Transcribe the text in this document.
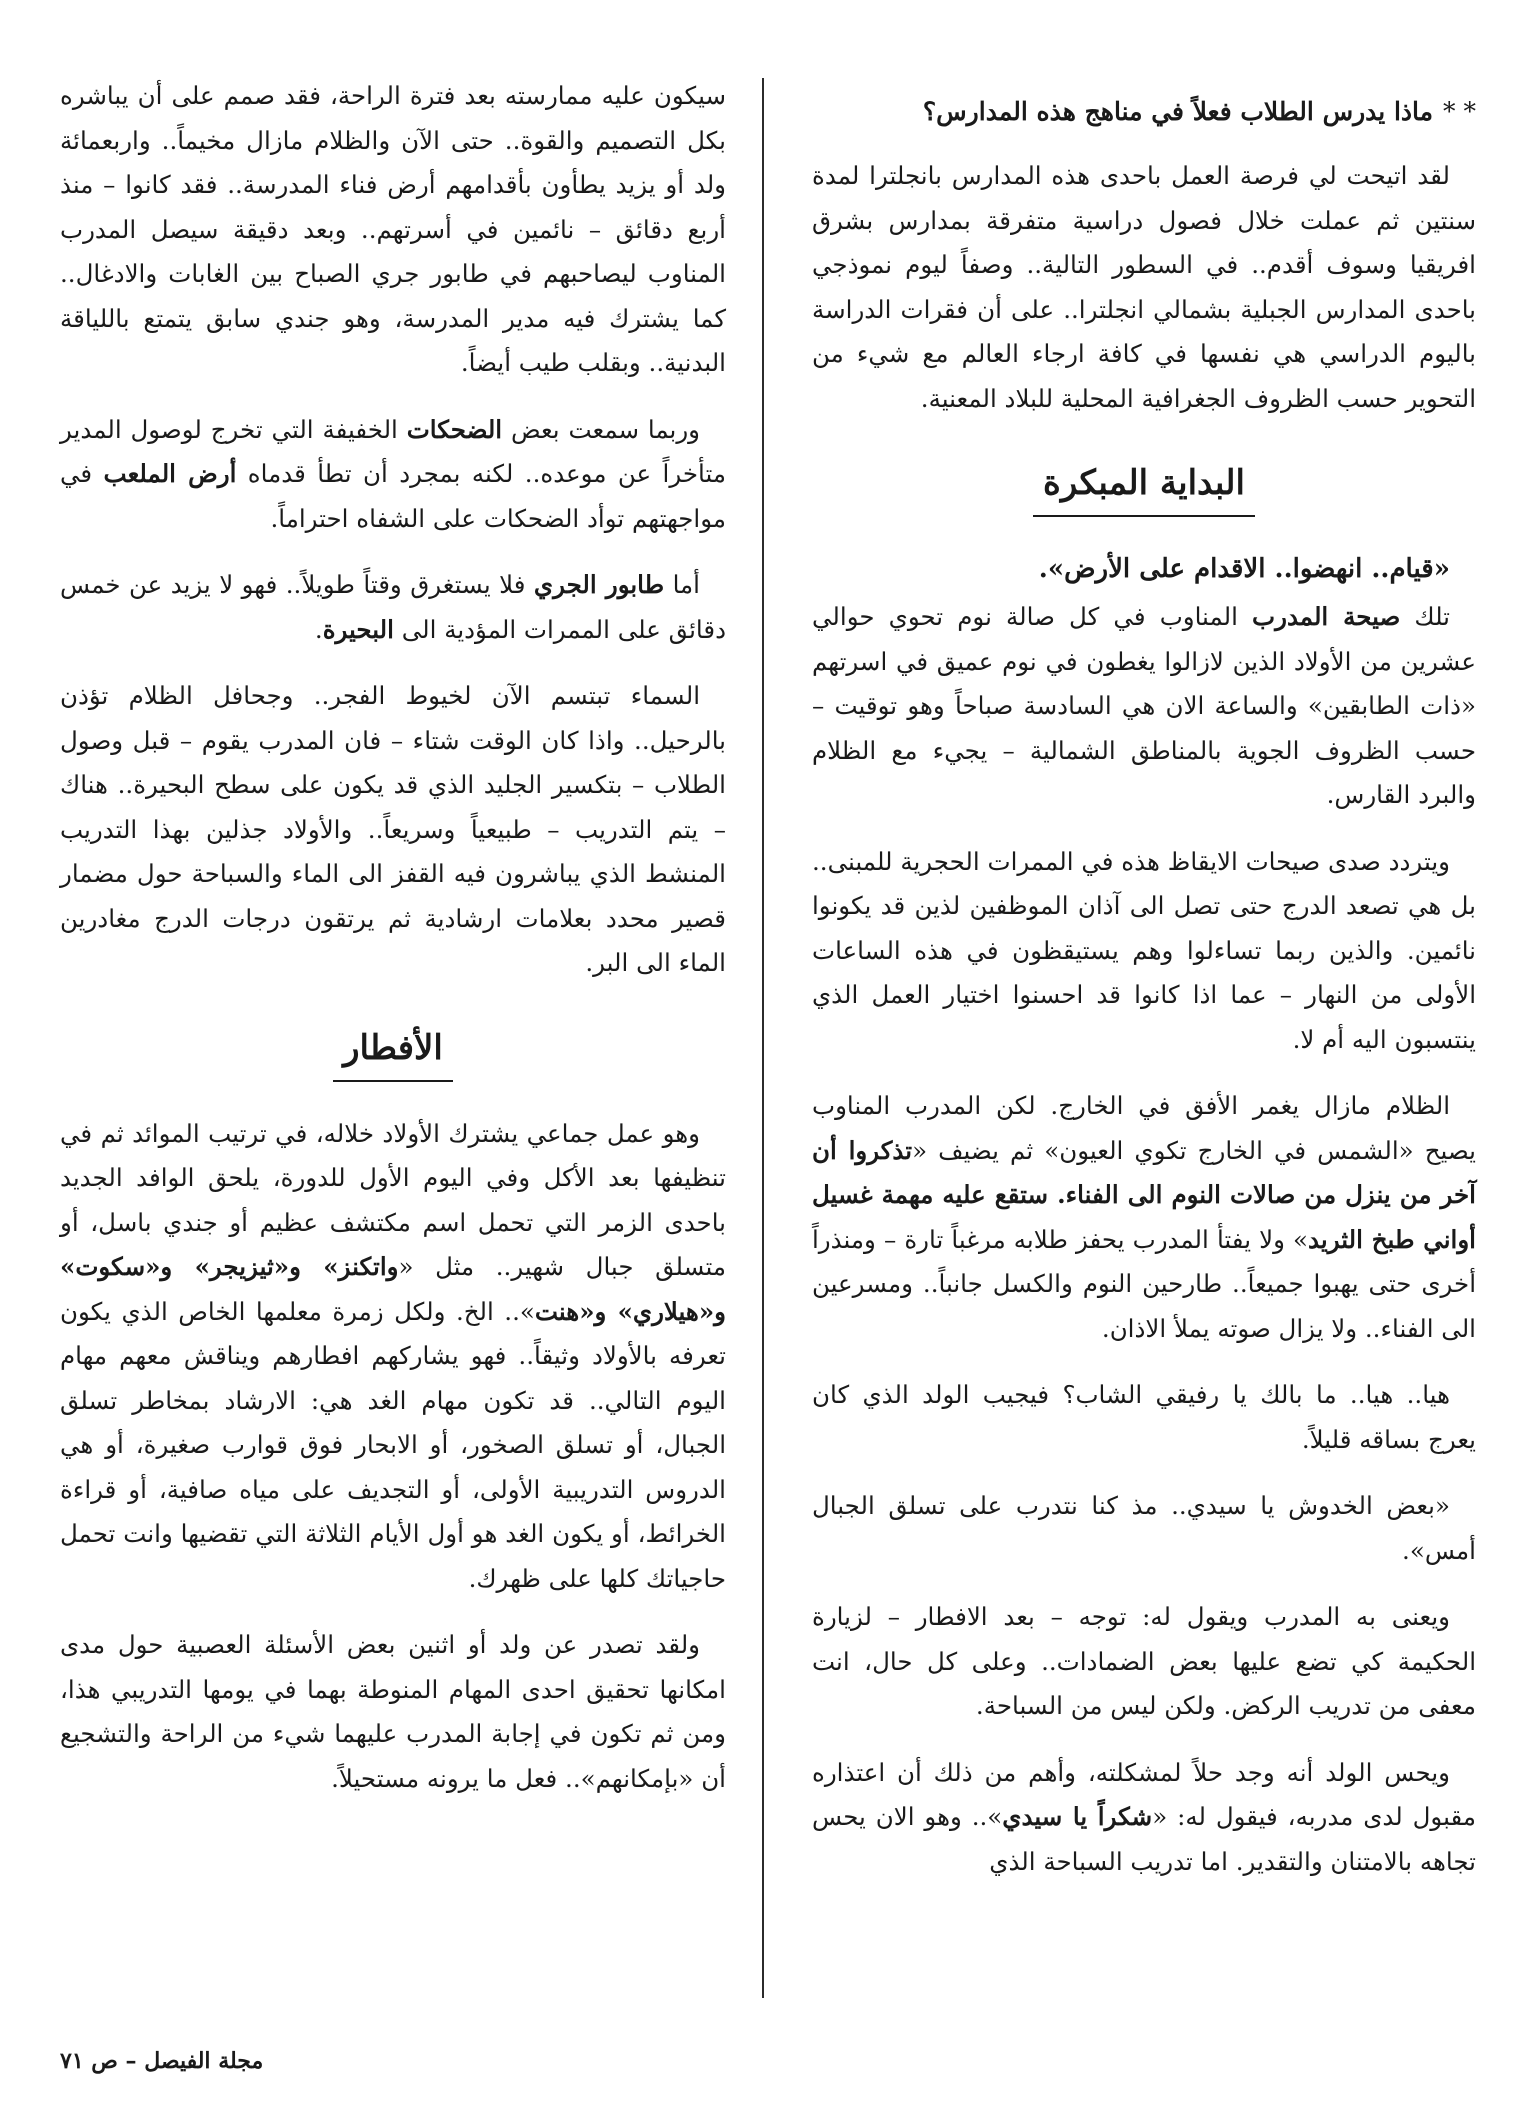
* *ماذا يدرس الطلاب فعلاً في مناهج هذه المدارس؟

لقد اتيحت لي فرصة العمل باحدى هذه المدارس بانجلترا لمدة سنتين ثم عملت خلال فصول دراسية متفرقة بمدارس بشرق افريقيا وسوف أقدم.. في السطور التالية.. وصفاً ليوم نموذجي باحدى المدارس الجبلية بشمالي انجلترا.. على أن فقرات الدراسة باليوم الدراسي هي نفسها في كافة ارجاء العالم مع شيء من التحوير حسب الظروف الجغرافية المحلية للبلاد المعنية.

البداية المبكرة

«قيام.. انهضوا.. الاقدام على الأرض».

تلك صيحة المدرب المناوب في كل صالة نوم تحوي حوالي عشرين من الأولاد الذين لازالوا يغطون في نوم عميق في اسرتهم «ذات الطابقين» والساعة الان هي السادسة صباحاً وهو توقيت – حسب الظروف الجوية بالمناطق الشمالية – يجيء مع الظلام والبرد القارس.

ويتردد صدى صيحات الايقاظ هذه في الممرات الحجرية للمبنى.. بل هي تصعد الدرج حتى تصل الى آذان الموظفين لذين قد يكونوا نائمين. والذين ربما تساءلوا وهم يستيقظون في هذه الساعات الأولى من النهار – عما اذا كانوا قد احسنوا اختيار العمل الذي ينتسبون اليه أم لا.

الظلام مازال يغمر الأفق في الخارج. لكن المدرب المناوب يصيح «الشمس في الخارج تكوي العيون» ثم يضيف «تذكروا أن آخر من ينزل من صالات النوم الى الفناء. ستقع عليه مهمة غسيل أواني طبخ الثريد» ولا يفتأ المدرب يحفز طلابه مرغباً تارة – ومنذراً أخرى حتى يهبوا جميعاً.. طارحين النوم والكسل جانباً.. ومسرعين الى الفناء.. ولا يزال صوته يملأ الاذان.

هيا.. هيا.. ما بالك يا رفيقي الشاب؟ فيجيب الولد الذي كان يعرج بساقه قليلاً.

«بعض الخدوش يا سيدي.. مذ كنا نتدرب على تسلق الجبال أمس».

ويعنى به المدرب ويقول له: توجه – بعد الافطار – لزيارة الحكيمة كي تضع عليها بعض الضمادات.. وعلى كل حال، انت معفى من تدريب الركض. ولكن ليس من السباحة.

ويحس الولد أنه وجد حلاً لمشكلته، وأهم من ذلك أن اعتذاره مقبول لدى مدربه، فيقول له: «شكراً يا سيدي».. وهو الان يحس تجاهه بالامتنان والتقدير. اما تدريب السباحة الذي

سيكون عليه ممارسته بعد فترة الراحة، فقد صمم على أن يباشره بكل التصميم والقوة.. حتى الآن والظلام مازال مخيماً.. واربعمائة ولد أو يزيد يطأون بأقدامهم أرض فناء المدرسة.. فقد كانوا – منذ أربع دقائق – نائمين في أسرتهم.. وبعد دقيقة سيصل المدرب المناوب ليصاحبهم في طابور جري الصباح بين الغابات والادغال.. كما يشترك فيه مدير المدرسة، وهو جندي سابق يتمتع باللياقة البدنية.. وبقلب طيب أيضاً.

وربما سمعت بعض الضحكات الخفيفة التي تخرج لوصول المدير متأخراً عن موعده.. لكنه بمجرد أن تطأ قدماه أرض الملعب في مواجهتهم توأد الضحكات على الشفاه احتراماً.

أما طابور الجري فلا يستغرق وقتاً طويلاً.. فهو لا يزيد عن خمس دقائق على الممرات المؤدية الى البحيرة.

السماء تبتسم الآن لخيوط الفجر.. وجحافل الظلام تؤذن بالرحيل.. واذا كان الوقت شتاء – فان المدرب يقوم – قبل وصول الطلاب – بتكسير الجليد الذي قد يكون على سطح البحيرة.. هناك – يتم التدريب – طبيعياً وسريعاً.. والأولاد جذلين بهذا التدريب المنشط الذي يباشرون فيه القفز الى الماء والسباحة حول مضمار قصير محدد بعلامات ارشادية ثم يرتقون درجات الدرج مغادرين الماء الى البر.

الأفطار

وهو عمل جماعي يشترك الأولاد خلاله، في ترتيب الموائد ثم في تنظيفها بعد الأكل وفي اليوم الأول للدورة، يلحق الوافد الجديد باحدى الزمر التي تحمل اسم مكتشف عظيم أو جندي باسل، أو متسلق جبال شهير.. مثل «واتكنز» و«ثيزيجر» و«سكوت» و«هيلاري» و«هنت».. الخ. ولكل زمرة معلمها الخاص الذي يكون تعرفه بالأولاد وثيقاً.. فهو يشاركهم افطارهم ويناقش معهم مهام اليوم التالي.. قد تكون مهام الغد هي: الارشاد بمخاطر تسلق الجبال، أو تسلق الصخور، أو الابحار فوق قوارب صغيرة، أو هي الدروس التدريبية الأولى، أو التجديف على مياه صافية، أو قراءة الخرائط، أو يكون الغد هو أول الأيام الثلاثة التي تقضيها وانت تحمل حاجياتك كلها على ظهرك.

ولقد تصدر عن ولد أو اثنين بعض الأسئلة العصبية حول مدى امكانها تحقيق احدى المهام المنوطة بهما في يومها التدريبي هذا، ومن ثم تكون في إجابة المدرب عليهما شيء من الراحة والتشجيع أن «بإمكانهم».. فعل ما يرونه مستحيلاً.

مجلة الفيصل – ص ٧١
